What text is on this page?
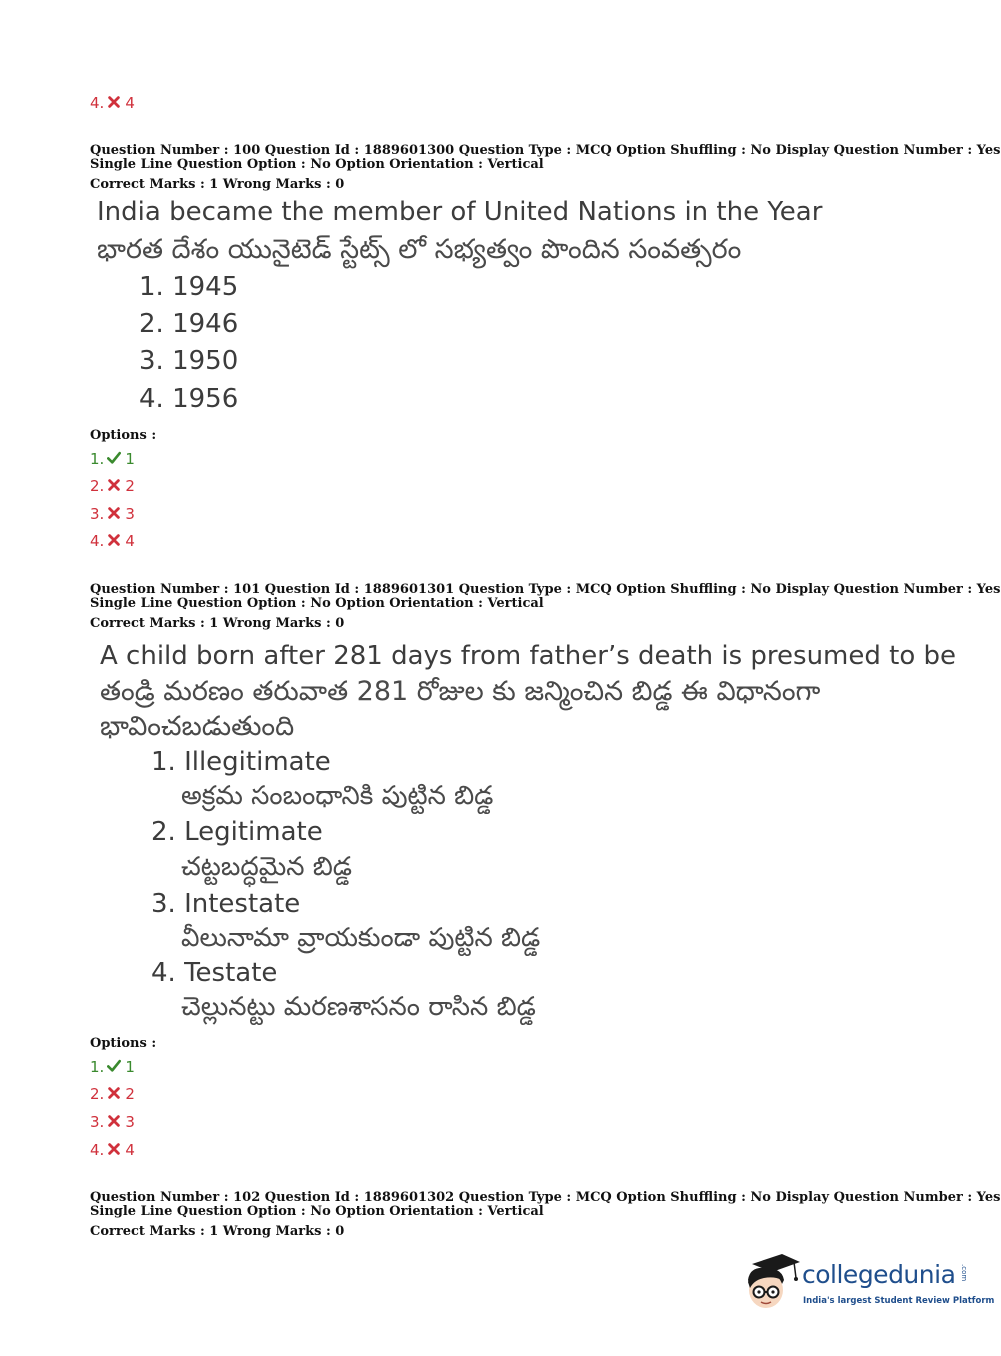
4. 4
Question Number : 100 Question Id : 1889601300 Question Type : MCQ Option Shuffling : No Display Question Number : Yes
Single Line Question Option : No Option Orientation : Vertical
Correct Marks : 1 Wrong Marks : 0
India became the member of United Nations in the Year
భారత దేశం యునైటెడ్ స్టేట్స్ లో సభ్యత్వం పొందిన సంవత్సరం
1. 1945
2. 1946
3. 1950
4. 1956
Options :
1. 1
2. 2
3. 3
4. 4
Question Number : 101 Question Id : 1889601301 Question Type : MCQ Option Shuffling : No Display Question Number : Yes
Single Line Question Option : No Option Orientation : Vertical
Correct Marks : 1 Wrong Marks : 0
A child born after 281 days from father’s death is presumed to be
తండ్రి మరణం తరువాత 281 రోజుల కు జన్మించిన బిడ్డ ఈ విధానంగా
భావించబడుతుంది
1. Illegitimate
అక్రమ సంబంధానికి పుట్టిన బిడ్డ
2. Legitimate
చట్టబద్ధమైన బిడ్డ
3. Intestate
వీలునామా వ్రాయకుండా పుట్టిన బిడ్డ
4. Testate
చెల్లునట్టు మరణశాసనం రాసిన బిడ్డ
Options :
1. 1
2. 2
3. 3
4. 4
Question Number : 102 Question Id : 1889601302 Question Type : MCQ Option Shuffling : No Display Question Number : Yes
Single Line Question Option : No Option Orientation : Vertical
Correct Marks : 1 Wrong Marks : 0
collegedunia .com
India's largest Student Review Platform
